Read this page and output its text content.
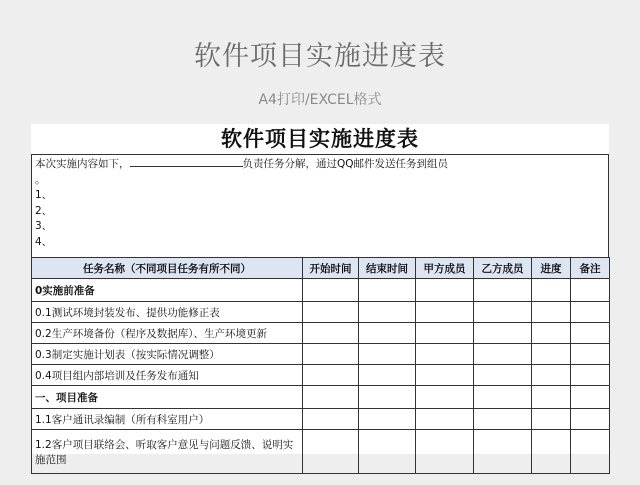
软件项目实施进度表
A4打印/EXCEL格式
软件项目实施进度表
本次实施内容如下，	负责任务分解，通过QQ邮件发送任务到组员
。
1、
2、
3、
4、
任务名称（不同项目任务有所不同）	开始时间	结束时间	甲方成员	乙方成员	进度	备注
0实施前准备						
0.1测试环境封装发布、提供功能修正表						
0.2生产环境备份（程序及数据库）、生产环境更新						
0.3制定实施计划表（按实际情况调整）						
0.4项目组内部培训及任务发布通知						
一、项目准备						
1.1客户通讯录编制（所有科室用户）						
1.2客户项目联络会、听取客户意见与问题反馈、说明实施范围						
